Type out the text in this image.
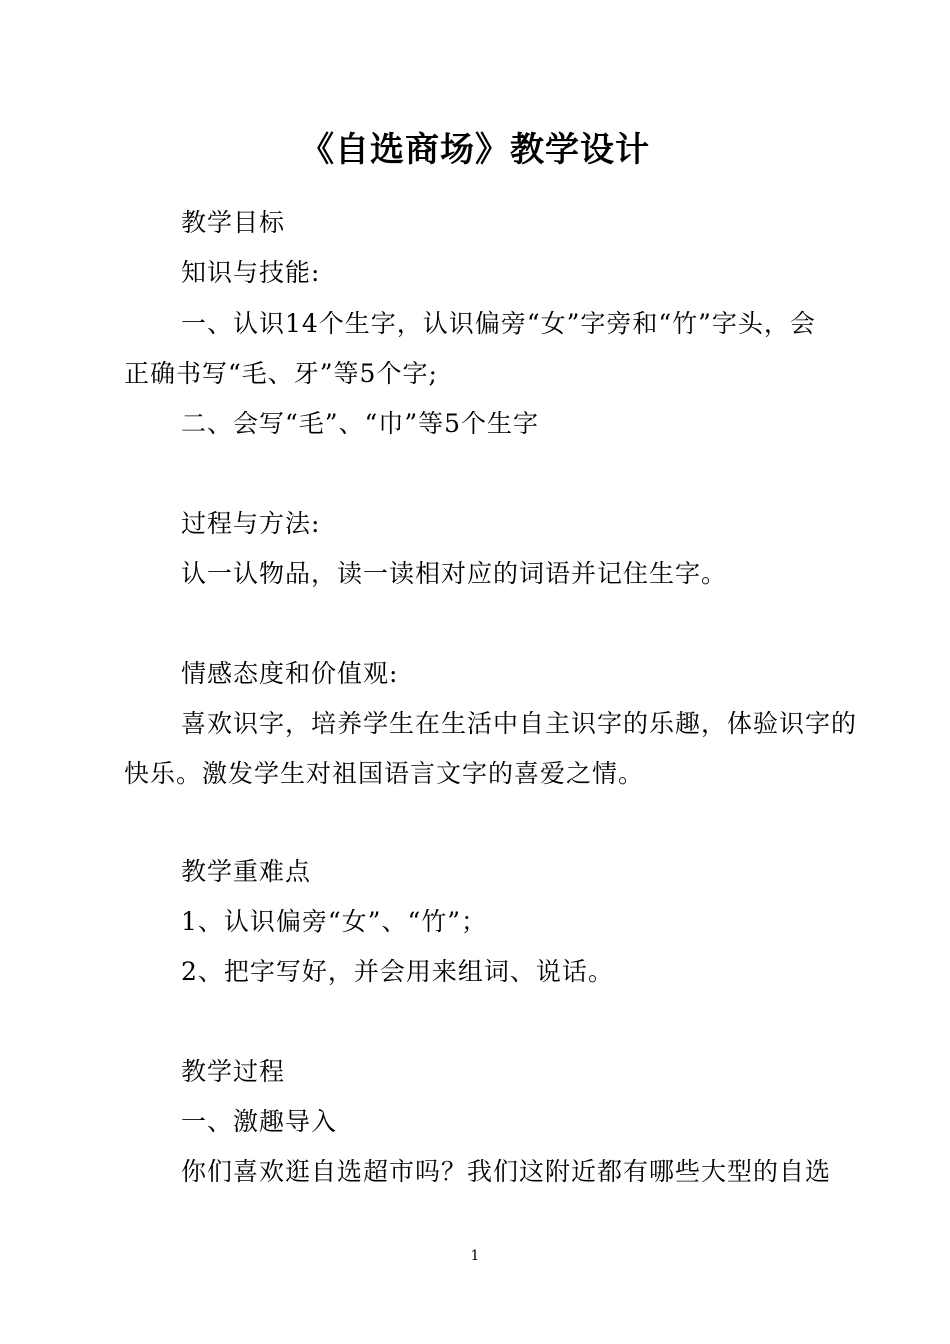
《自选商场》教学设计
教学目标
知识与技能:
一、认识14个生字，认识偏旁“女”字旁和“竹”字头，会
正确书写“毛、牙”等5个字;
二、会写“毛”、“巾”等5个生字
过程与方法:
认一认物品，读一读相对应的词语并记住生字。
情感态度和价值观:
喜欢识字，培养学生在生活中自主识字的乐趣，体验识字的
快乐。激发学生对祖国语言文字的喜爱之情。
教学重难点
1、认识偏旁“女”、“竹”；
2、把字写好，并会用来组词、说话。
教学过程
一、激趣导入
你们喜欢逛自选超市吗？我们这附近都有哪些大型的自选
1
